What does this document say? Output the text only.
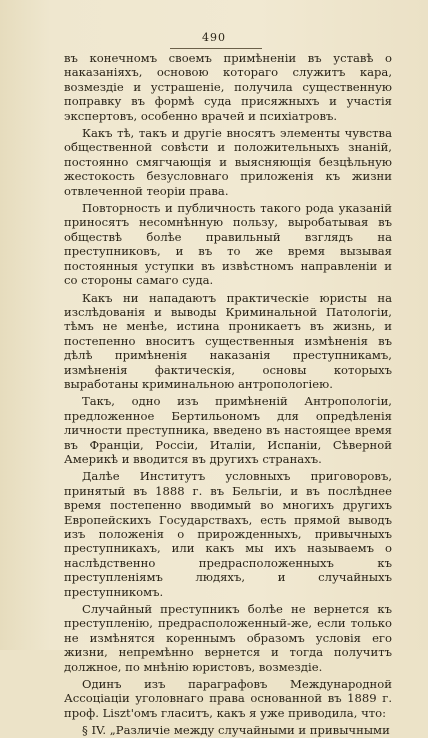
490

въ конечномъ своемъ примѣненіи въ уставѣ о наказаніяхъ, основою котораго служитъ кара, возмездіе и устрашеніе, получила существенную поправку въ формѣ суда присяжныхъ и участія экспертовъ, особенно врачей и психіатровъ.

Какъ тѣ, такъ и другіе вносятъ элементы чувства общественной совѣсти и положительныхъ знаній, постоянно смягчающія и выясняющія безцѣльную жестокость безусловнаго приложенія къ жизни отвлеченной теоріи права.

Повторность и публичность такого рода указаній приносятъ несомнѣнную пользу, выробатывая въ обществѣ болѣе правильный взглядъ на преступниковъ, и въ то же время вызывая постоянныя уступки въ извѣстномъ направленіи и со стороны самаго суда.

Какъ ни нападаютъ практическіе юристы на изслѣдованія и выводы Криминальной Патологіи, тѣмъ не менѣе, истина проникаетъ въ жизнь, и постепенно вноситъ существенныя измѣненія въ дѣлѣ примѣненія наказанія преступникамъ, измѣненія фактическія, основы которыхъ выработаны криминальною антропологіею.

Такъ, одно изъ примѣненій Антропологіи, предложенное Бертильономъ для опредѣленія личности преступника, введено въ настоящее время въ Франціи, Россіи, Италіи, Испаніи, Сѣверной Америкѣ и вводится въ другихъ странахъ.

Далѣе Институтъ условныхъ приговоровъ, принятый въ 1888 г. въ Бельгіи, и въ послѣднее время постепенно вводимый во многихъ другихъ Европейскихъ Государствахъ, есть прямой выводъ изъ положенія о прирожденныхъ, привычныхъ преступникахъ, или какъ мы ихъ называемъ о наслѣдственно предрасположенныхъ къ преступленіямъ людяхъ, и случайныхъ преступникомъ.

Случайный преступникъ болѣе не вернется къ преступленію, предрасположенный-же, если только не измѣнятся кореннымъ образомъ условія его жизни, непремѣнно вернется и тогда получитъ должное, по мнѣнію юристовъ, возмездіе.

Одинъ изъ параграфовъ Международной Ассоціаціи уголовнаго права основанной въ 1889 г. проф. Liszt'омъ гласитъ, какъ я уже приводила, что:

§ IV. „Различіе между случайными и привычными
